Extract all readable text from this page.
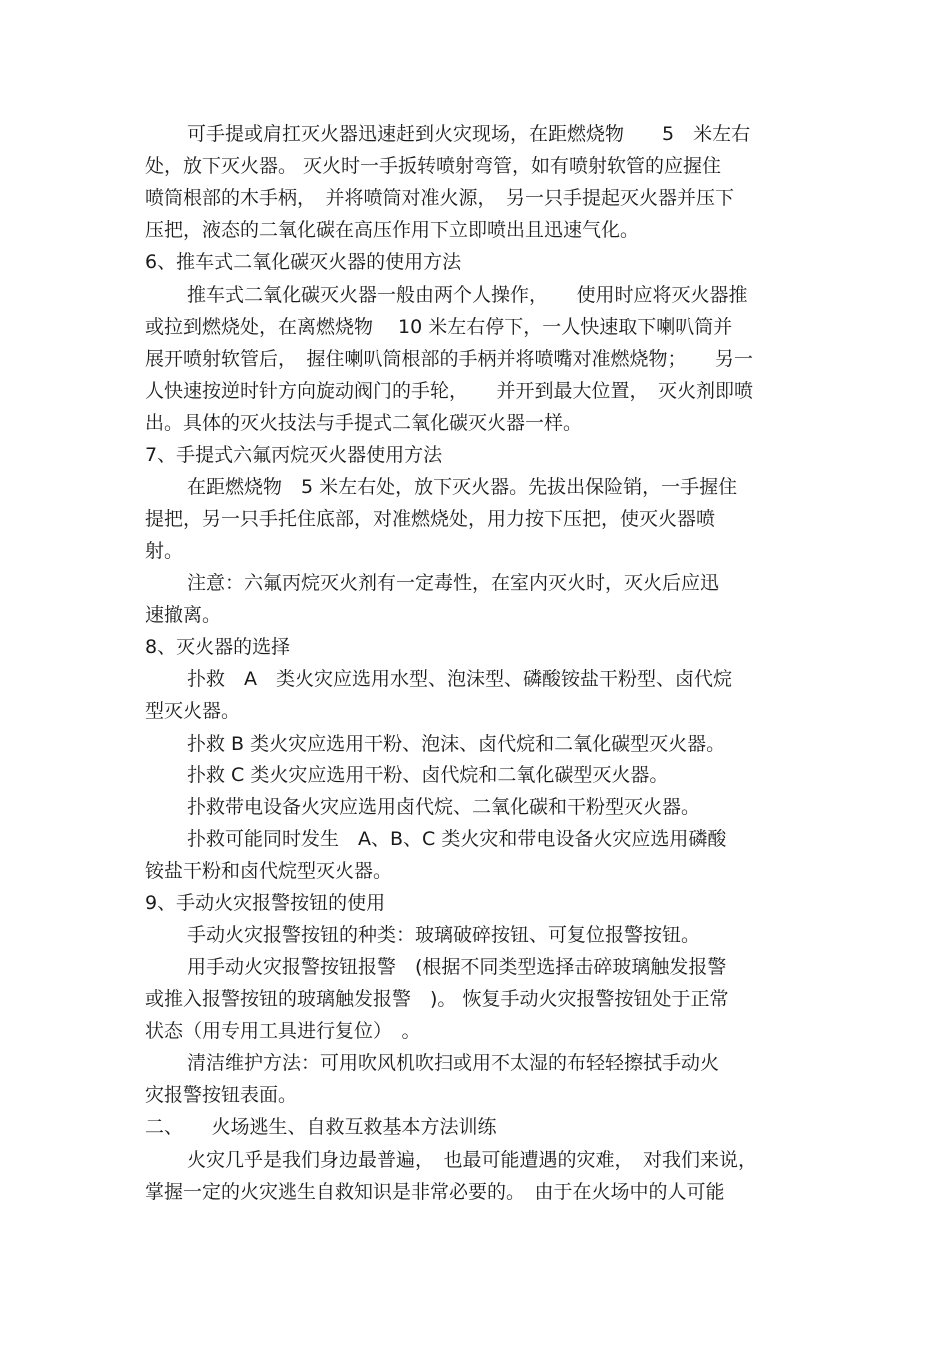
可手提或肩扛灭火器迅速赶到火灾现场，在距燃烧物　　5　米左右

处，放下灭火器。 灭火时一手扳转喷射弯管，如有喷射软管的应握住

喷筒根部的木手柄，　并将喷筒对准火源，　另一只手提起灭火器并压下

压把，液态的二氧化碳在高压作用下立即喷出且迅速气化。

6、推车式二氧化碳灭火器的使用方法

推车式二氧化碳灭火器一般由两个人操作，　　使用时应将灭火器推

或拉到燃烧处，在离燃烧物　 10 米左右停下，一人快速取下喇叭筒并

展开喷射软管后，　握住喇叭筒根部的手柄并将喷嘴对准燃烧物；　　另一

人快速按逆时针方向旋动阀门的手轮，　　并开到最大位置，　灭火剂即喷

出。具体的灭火技法与手提式二氧化碳灭火器一样。

7、手提式六氟丙烷灭火器使用方法

在距燃烧物　5 米左右处，放下灭火器。先拔出保险销，一手握住

提把，另一只手托住底部，对准燃烧处，用力按下压把，使灭火器喷

射。

注意：六氟丙烷灭火剂有一定毒性，在室内灭火时，灭火后应迅

速撤离。

8、灭火器的选择

扑救　A　类火灾应选用水型、泡沫型、磷酸铵盐干粉型、卤代烷

型灭火器。

扑救 B 类火灾应选用干粉、泡沫、卤代烷和二氧化碳型灭火器。

扑救 C 类火灾应选用干粉、卤代烷和二氧化碳型灭火器。

扑救带电设备火灾应选用卤代烷、二氧化碳和干粉型灭火器。

扑救可能同时发生　A、B、C 类火灾和带电设备火灾应选用磷酸

铵盐干粉和卤代烷型灭火器。

9、手动火灾报警按钮的使用

手动火灾报警按钮的种类：玻璃破碎按钮、可复位报警按钮。

用手动火灾报警按钮报警　(根据不同类型选择击碎玻璃触发报警

或推入报警按钮的玻璃触发报警　)。 恢复手动火灾报警按钮处于正常

状态（用专用工具进行复位）　。

清洁维护方法：可用吹风机吹扫或用不太湿的布轻轻擦拭手动火

灾报警按钮表面。

二、　　火场逃生、自救互救基本方法训练

火灾几乎是我们身边最普遍，　也最可能遭遇的灾难，　对我们来说，

掌握一定的火灾逃生自救知识是非常必要的。　由于在火场中的人可能
